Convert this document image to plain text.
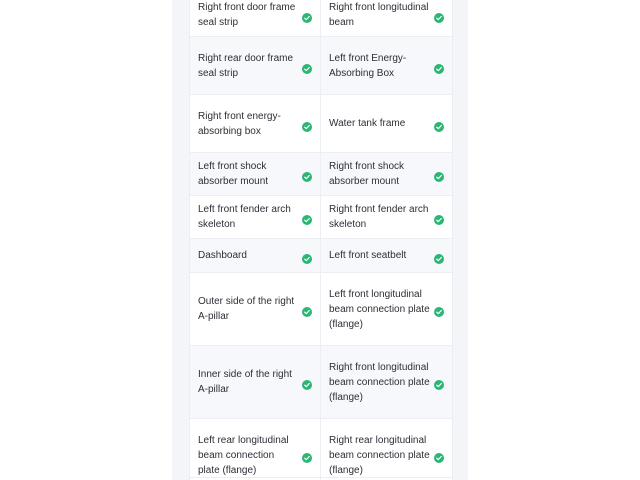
Right front door frame seal strip
Right front longitudinal beam
Right rear door frame seal strip
Left front Energy-Absorbing Box
Right front energy-absorbing box
Water tank frame
Left front shock absorber mount
Right front shock absorber mount
Left front fender arch skeleton
Right front fender arch skeleton
Dashboard	Left front seatbelt
Outer side of the right A-pillar
Left front longitudinal beam connection plate (flange)
Inner side of the right A-pillar
Right front longitudinal beam connection plate (flange)
Left rear longitudinal beam connection plate (flange)
Right rear longitudinal beam connection plate (flange)
